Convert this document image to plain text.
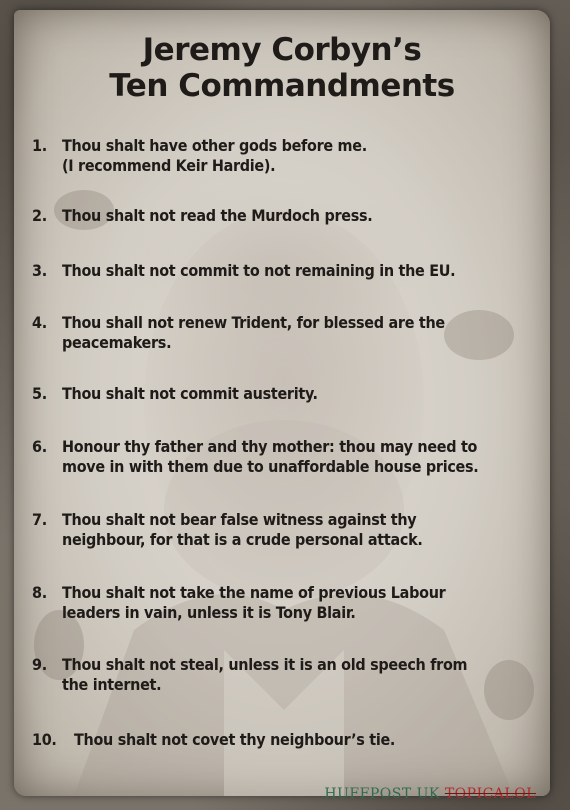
Jeremy Corbyn’s
Ten Commandments
1. Thou shalt have other gods before me.
(I recommend Keir Hardie).
2. Thou shalt not read the Murdoch press.
3. Thou shalt not commit to not remaining in the EU.
4. Thou shall not renew Trident, for blessed are the
peacemakers.
5. Thou shalt not commit austerity.
6. Honour thy father and thy mother: thou may need to
move in with them due to unaffordable house prices.
7. Thou shalt not bear false witness against thy
neighbour, for that is a crude personal attack.
8. Thou shalt not take the name of previous Labour
leaders in vain, unless it is Tony Blair.
9. Thou shalt not steal, unless it is an old speech from
the internet.
10.	Thou shalt not covet thy neighbour’s tie.
HUFFPOST UK TOPICALOL
